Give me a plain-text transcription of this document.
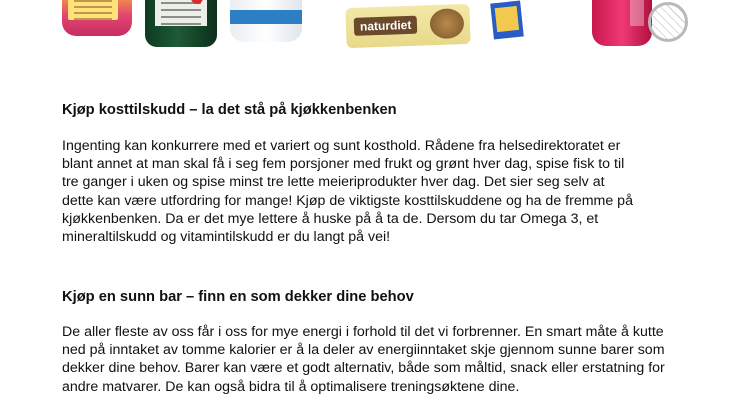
naturdiet
Kjøp kosttilskudd – la det stå på kjøkkenbenken

Ingenting kan konkurrere med et variert og sunt kosthold. Rådene fra helsedirektoratet er
blant annet at man skal få i seg fem porsjoner med frukt og grønt hver dag, spise fisk to til
tre ganger i uken og spise minst tre lette meieriprodukter hver dag. Det sier seg selv at
dette kan være utfordring for mange! Kjøp de viktigste kosttilskuddene og ha de fremme på
kjøkkenbenken. Da er det mye lettere å huske på å ta de. Dersom du tar Omega 3, et
mineraltilskudd og vitamintilskudd er du langt på vei!

Kjøp en sunn bar – finn en som dekker dine behov

De aller fleste av oss får i oss for mye energi i forhold til det vi forbrenner. En smart måte å kutte
ned på inntaket av tomme kalorier er å la deler av energiinntaket skje gjennom sunne barer som
dekker dine behov. Barer kan være et godt alternativ, både som måltid, snack eller erstatning for
andre matvarer. De kan også bidra til å optimalisere treningsøktene dine.
